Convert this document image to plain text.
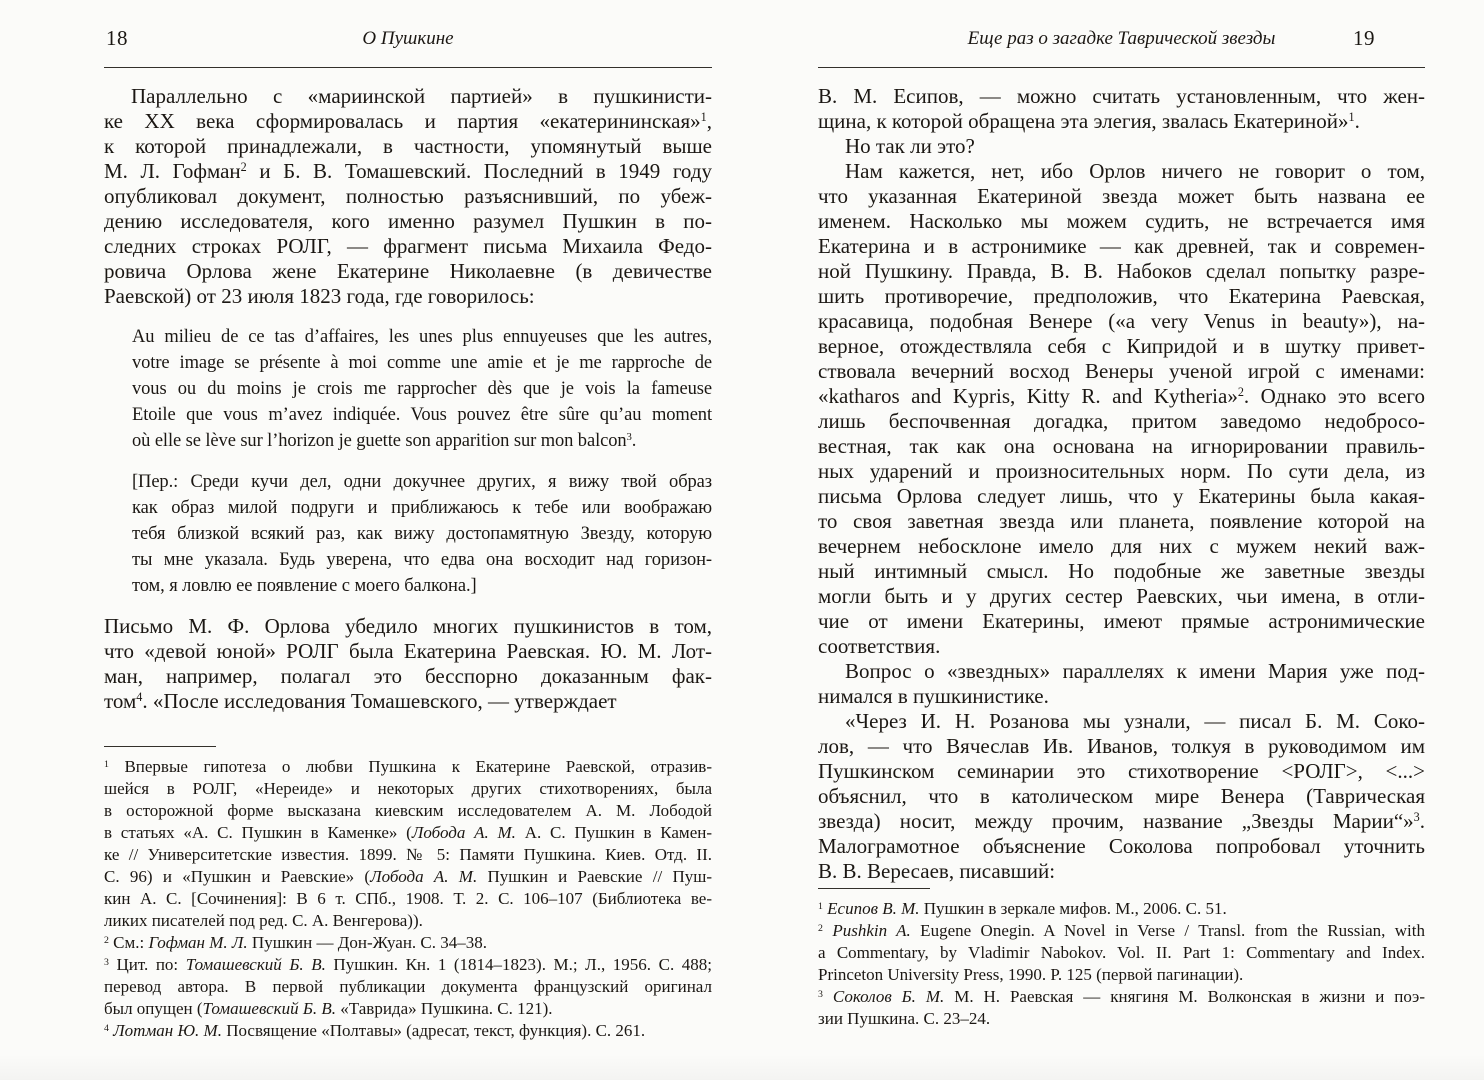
18	О Пушкине
Параллельно с «мариинской партией» в пушкинисти-
ке XX века сформировалась и партия «екатерининская»$^1$,
к которой принадлежали, в частности, упомянутый выше
М. Л. Гофман$^2$ и Б. В. Томашевский. Последний в 1949 году
опубликовал документ, полностью разъяснивший, по убеж-
дению исследователя, кого именно разумел Пушкин в по-
следних строках РОЛГ, — фрагмент письма Михаила Федо-
ровича Орлова жене Екатерине Николаевне (в девичестве
Раевской) от 23 июля 1823 года, где говорилось:
Au milieu de ce tas d’affaires, les unes plus ennuyeuses que les autres,
votre image se présente à moi comme une amie et je me rapproche de
vous ou du moins je crois me rapprocher dès que je vois la fameuse
Etoile que vous m’avez indiquée. Vous pouvez être sûre qu’au moment
où elle se lève sur l’horizon je guette son apparition sur mon balcon$^3$.
[Пер.: Среди кучи дел, одни докучнее других, я вижу твой образ
как образ милой подруги и приближаюсь к тебе или воображаю
тебя близкой всякий раз, как вижу достопамятную Звезду, которую
ты мне указала. Будь уверена, что едва она восходит над горизон-
том, я ловлю ее появление с моего балкона.]
Письмо М. Ф. Орлова убедило многих пушкинистов в том,
что «девой юной» РОЛГ была Екатерина Раевская. Ю. М. Лот-
ман, например, полагал это бесспорно доказанным фак-
том$^4$. «После исследования Томашевского, — утверждает
$^1$ Впервые гипотеза о любви Пушкина к Екатерине Раевской, отразив-
шейся в РОЛГ, «Нереиде» и некоторых других стихотворениях, была
в осторожной форме высказана киевским исследователем А. М. Лободой
в статьях «А. С. Пушкин в Каменке» (Лобода А. М. А. С. Пушкин в Камен-
ке // Университетские известия. 1899. № 5: Памяти Пушкина. Киев. Отд. II.
С. 96) и «Пушкин и Раевские» (Лобода А. М. Пушкин и Раевские // Пуш-
кин А. С. [Сочинения]: В 6 т. СПб., 1908. Т. 2. С. 106–107 (Библиотека ве-
ликих писателей под ред. С. А. Венгерова)).
$^2$ См.: Гофман М. Л. Пушкин — Дон-Жуан. С. 34–38.
$^3$ Цит. по: Томашевский Б. В. Пушкин. Кн. 1 (1814–1823). М.; Л., 1956. С. 488;
перевод автора. В первой публикации документа французский оригинал
был опущен (Томашевский Б. В. «Таврида» Пушкина. С. 121).
$^4$ Лотман Ю. М. Посвящение «Полтавы» (адресат, текст, функция). С. 261.
19
Еще раз о загадке Таврической звезды
В. М. Есипов, — можно считать установленным, что жен-
щина, к которой обращена эта элегия, звалась Екатериной»$^1$.
Но так ли это?
Нам кажется, нет, ибо Орлов ничего не говорит о том,
что указанная Екатериной звезда может быть названа ее
именем. Насколько мы можем судить, не встречается имя
Екатерина и в астронимике — как древней, так и современ-
ной Пушкину. Правда, В. В. Набоков сделал попытку разре-
шить противоречие, предположив, что Екатерина Раевская,
красавица, подобная Венере («a very Venus in beauty»), на-
верное, отождествляла себя с Кипридой и в шутку привет-
ствовала вечерний восход Венеры ученой игрой с именами:
«katharos and Kypris, Kitty R. and Kytheria»$^2$. Однако это всего
лишь беспочвенная догадка, притом заведомо недобросо-
вестная, так как она основана на игнорировании правиль-
ных ударений и произносительных норм. По сути дела, из
письма Орлова следует лишь, что у Екатерины была какая-
то своя заветная звезда или планета, появление которой на
вечернем небосклоне имело для них с мужем некий важ-
ный интимный смысл. Но подобные же заветные звезды
могли быть и у других сестер Раевских, чьи имена, в отли-
чие от имени Екатерины, имеют прямые астронимические
соответствия.
Вопрос о «звездных» параллелях к имени Мария уже под-
нимался в пушкинистике.
«Через И. Н. Розанова мы узнали, — писал Б. М. Соко-
лов, — что Вячеслав Ив. Иванов, толкуя в руководимом им
Пушкинском семинарии это стихотворение <РОЛГ>, <...>
объяснил, что в католическом мире Венера (Таврическая
звезда) носит, между прочим, название „Звезды Марии“»$^3$.
Малограмотное объяснение Соколова попробовал уточнить
В. В. Вересаев, писавший:
$^1$ Есипов В. М. Пушкин в зеркале мифов. М., 2006. С. 51.
$^2$ Pushkin A. Eugene Onegin. A Novel in Verse / Transl. from the Russian, with
a Commentary, by Vladimir Nabokov. Vol. II. Part 1: Commentary and Index.
Princeton University Press, 1990. P. 125 (первой пагинации).
$^3$ Соколов Б. М. М. Н. Раевская — княгиня М. Волконская в жизни и поэ-
зии Пушкина. С. 23–24.
